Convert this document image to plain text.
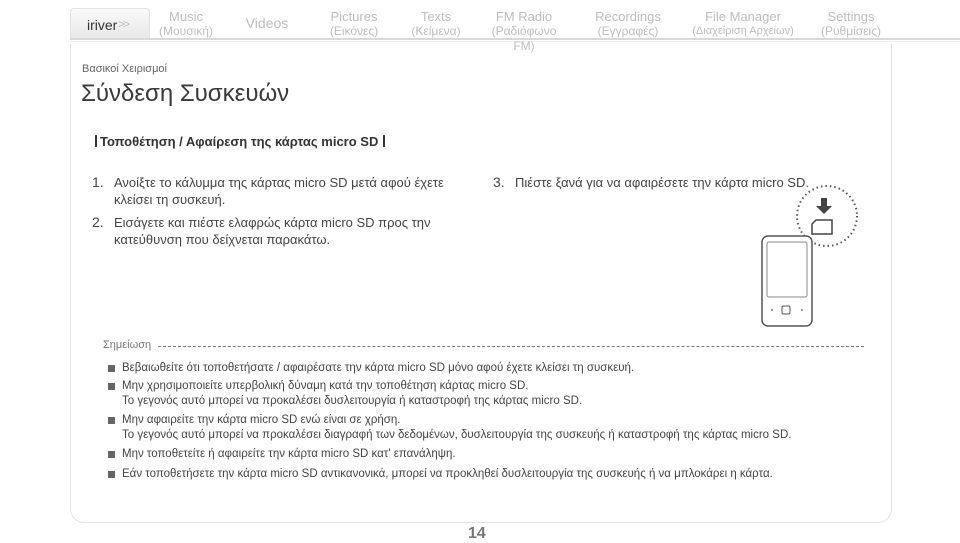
iriver >>	Music
(Μουσική)	Videos	Pictures
(Εικόνες)
Texts
(Κείμενα)
FM Radio
(Ραδιόφωνο FM)
Recordings
(Εγγραφές)
File Manager
(Διαχείριση Αρχείων)
Settings
(Ρυθμίσεις)
Βασικοί Χειρισμοί
Σύνδεση Συσκευών
Τοποθέτηση / Αφαίρεση της κάρτας micro SD
1. Ανοίξτε το κάλυμμα της κάρτας micro SD μετά αφού έχετε
κλείσει τη συσκευή.
2. Εισάγετε και πιέστε ελαφρώς κάρτα micro SD προς την
κατεύθυνση που δείχνεται παρακάτω.
3. Πιέστε ξανά για να αφαιρέσετε την κάρτα micro SD.
Σημείωση
Βεβαιωθείτε ότι τοποθετήσατε / αφαιρέσατε την κάρτα micro SD μόνο αφού έχετε κλείσει τη συσκευή.
Μην χρησιμοποιείτε υπερβολική δύναμη κατά την τοποθέτηση κάρτας micro SD.
Το γεγονός αυτό μπορεί να προκαλέσει δυσλειτουργία ή καταστροφή της κάρτας micro SD.
Μην αφαιρείτε την κάρτα micro SD ενώ είναι σε χρήση.
Το γεγονός αυτό μπορεί να προκαλέσει διαγραφή των δεδομένων, δυσλειτουργία της συσκευής ή καταστροφή της κάρτας micro SD.
Μην τοποθετείτε ή αφαιρείτε την κάρτα micro SD κατ' επανάληψη.
Εάν τοποθετήσετε την κάρτα micro SD αντικανονικά, μπορεί να προκληθεί δυσλειτουργία της συσκευής ή να μπλοκάρει η κάρτα.
14
